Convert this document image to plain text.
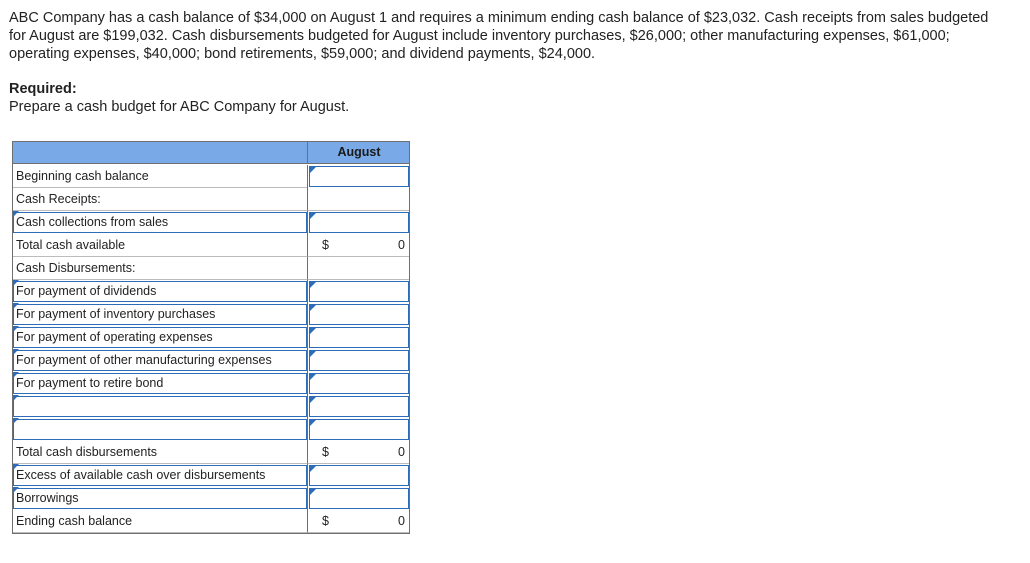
ABC Company has a cash balance of $34,000 on August 1 and requires a minimum ending cash balance of $23,032. Cash receipts from sales budgeted for August are $199,032. Cash disbursements budgeted for August include inventory purchases, $26,000; other manufacturing expenses, $61,000; operating expenses, $40,000; bond retirements, $59,000; and dividend payments, $24,000.

Required:
Prepare a cash budget for ABC Company for August.
August
Beginning cash balance
Cash Receipts:
Cash collections from sales
Total cash available	$	0
Cash Disbursements:
For payment of dividends
For payment of inventory purchases
For payment of operating expenses
For payment of other manufacturing expenses
For payment to retire bond
Total cash disbursements	$	0
Excess of available cash over disbursements
Borrowings
Ending cash balance	$	0
